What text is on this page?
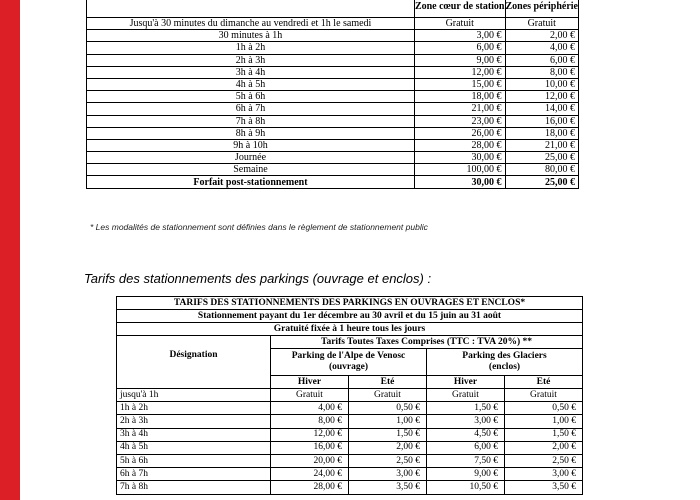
	Zone cœur de station	Zones périphérie
Jusqu'à 30 minutes du dimanche au vendredi et 1h le samedi	Gratuit	Gratuit
30 minutes à 1h	3,00 €	2,00 €
1h à 2h	6,00 €	4,00 €
2h à 3h	9,00 €	6,00 €
3h à 4h	12,00 €	8,00 €
4h à 5h	15,00 €	10,00 €
5h à 6h	18,00 €	12,00 €
6h à 7h	21,00 €	14,00 €
7h à 8h	23,00 €	16,00 €
8h à 9h	26,00 €	18,00 €
9h à 10h	28,00 €	21,00 €
Journée	30,00 €	25,00 €
Semaine	100,00 €	80,00 €
Forfait post-stationnement	30,00 €	25,00 €
* Les modalités de stationnement sont définies dans le règlement de stationnement public
Tarifs des stationnements des parkings (ouvrage et enclos) :
TARIFS DES STATIONNEMENTS DES PARKINGS EN OUVRAGES ET ENCLOS*				
Stationnement payant du 1er décembre au 30 avril et du 15 juin au 31 août				
Gratuité fixée à 1 heure tous les jours				
Désignation	Tarifs Toutes Taxes Comprises (TTC : TVA 20%) **			
	Parking de l'Alpe de Venosc (ouvrage)		Parking des Glaciers (enclos)	
	Hiver	Eté	Hiver	Eté
jusqu'à 1h	Gratuit	Gratuit	Gratuit	Gratuit
1h à 2h	4,00 €	0,50 €	1,50 €	0,50 €
2h à 3h	8,00 €	1,00 €	3,00 €	1,00 €
3h à 4h	12,00 €	1,50 €	4,50 €	1,50 €
4h à 5h	16,00 €	2,00 €	6,00 €	2,00 €
5h à 6h	20,00 €	2,50 €	7,50 €	2,50 €
6h à 7h	24,00 €	3,00 €	9,00 €	3,00 €
7h à 8h	28,00 €	3,50 €	10,50 €	3,50 €
